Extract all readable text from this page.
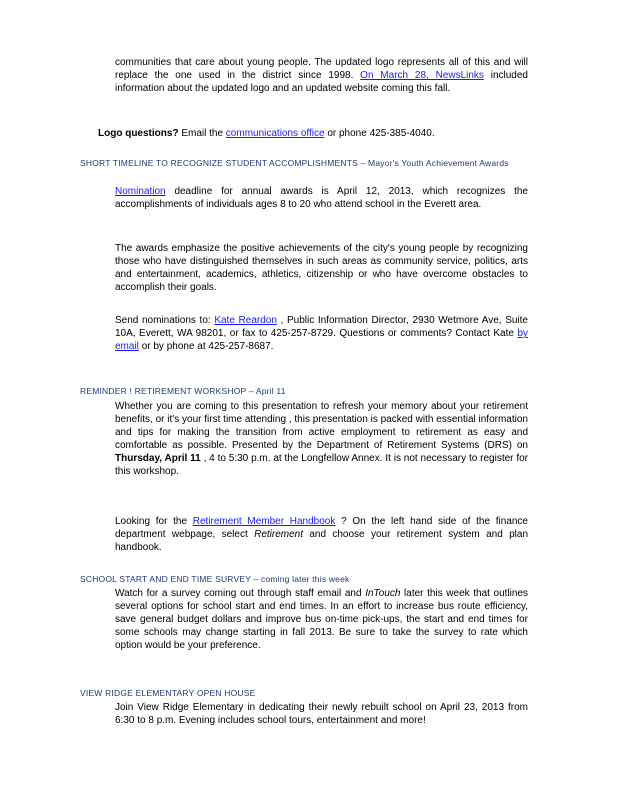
communities that care about young people. The updated logo represents all of this and will replace the one used in the district since 1998. On March 28, NewsLinks included information about the updated logo and an updated website coming this fall.
Logo questions? Email the communications office or phone 425-385-4040.
SHORT TIMELINE TO RECOGNIZE STUDENT ACCOMPLISHMENTS – Mayor's Youth Achievement Awards
Nomination deadline for annual awards is April 12, 2013, which recognizes the accomplishments of individuals ages 8 to 20 who attend school in the Everett area.
The awards emphasize the positive achievements of the city's young people by recognizing those who have distinguished themselves in such areas as community service, politics, arts and entertainment, academics, athletics, citizenship or who have overcome obstacles to accomplish their goals.
Send nominations to: Kate Reardon , Public Information Director, 2930 Wetmore Ave, Suite 10A, Everett, WA 98201, or fax to 425-257-8729. Questions or comments? Contact Kate by email or by phone at 425-257-8687.
REMINDER ! RETIREMENT WORKSHOP – April 11
Whether you are coming to this presentation to refresh your memory about your retirement benefits, or it's your first time attending , this presentation is packed with essential information and tips for making the transition from active employment to retirement as easy and comfortable as possible. Presented by the Department of Retirement Systems (DRS) on Thursday, April 11 , 4 to 5:30 p.m. at the Longfellow Annex. It is not necessary to register for this workshop.
Looking for the Retirement Member Handbook ? On the left hand side of the finance department webpage, select Retirement and choose your retirement system and plan handbook.
SCHOOL START AND END TIME SURVEY – coming later this week
Watch for a survey coming out through staff email and InTouch later this week that outlines several options for school start and end times. In an effort to increase bus route efficiency, save general budget dollars and improve bus on-time pick-ups, the start and end times for some schools may change starting in fall 2013. Be sure to take the survey to rate which option would be your preference.
VIEW RIDGE ELEMENTARY OPEN HOUSE
Join View Ridge Elementary in dedicating their newly rebuilt school on April 23, 2013 from 6:30 to 8 p.m. Evening includes school tours, entertainment and more!
